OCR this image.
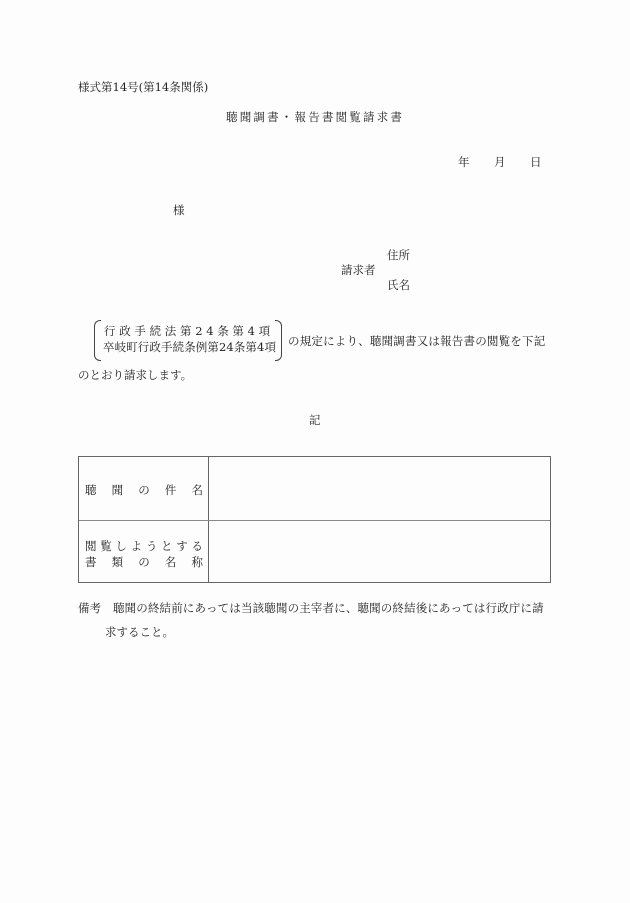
様式第14号(第14条関係)
聴聞調書・報告書閲覧請求書
年 月 日
様
住所
請求者
氏名
行政手続法第24条第4項
卒岐町行政手続条例第24条第4項 の規定により、聴聞調書又は報告書の閲覧を下記
のとおり請求します。
記
聴 聞 の 件 名
閲 覧 し よ う と す る
書 類 の 名 称
備考　聴聞の終結前にあっては当該聴聞の主宰者に、聴聞の終結後にあっては行政庁に請
求すること。
